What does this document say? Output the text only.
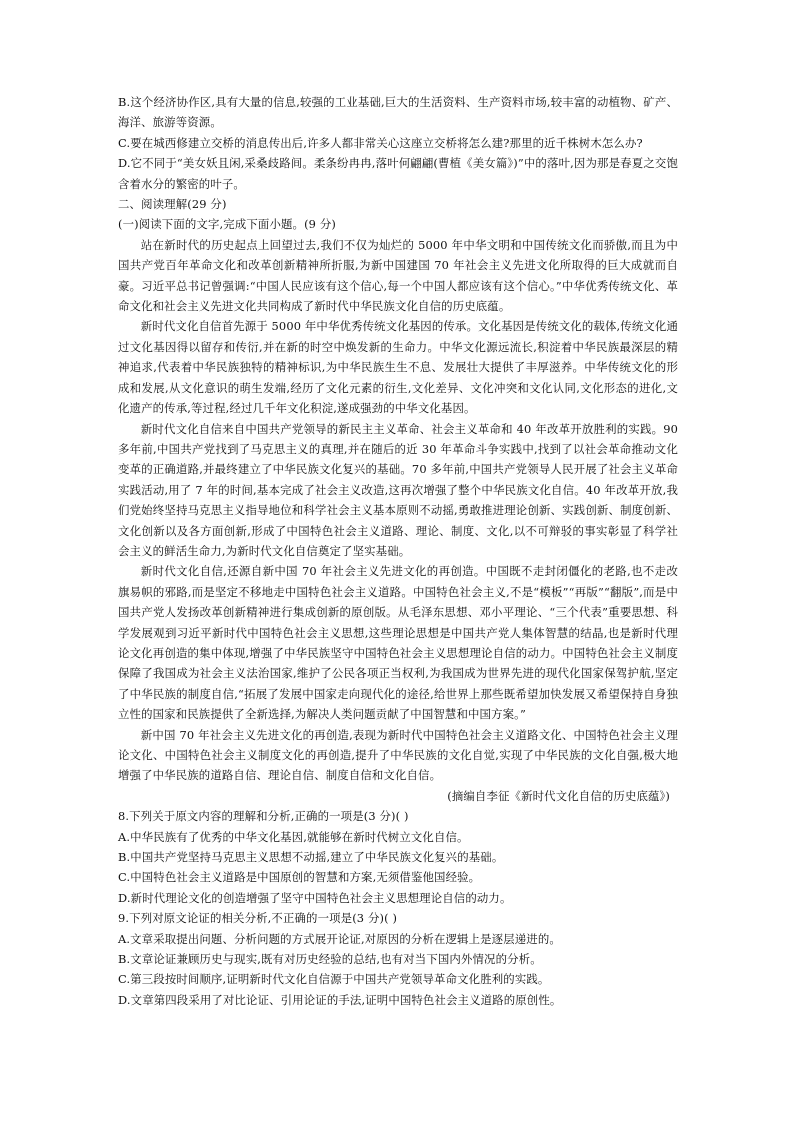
B.这个经济协作区,具有大量的信息,较强的工业基础,巨大的生活资料、生产资料市场,较丰富的动植物、矿产、海洋、旅游等资源。
C.要在城西修建立交桥的消息传出后,许多人都非常关心这座立交桥将怎么建?那里的近千株树木怎么办?
D.它不同于“美女妖且闲,采桑歧路间。柔条纷冉冉,落叶何翩翩(曹植《美女篇》)”中的落叶,因为那是春夏之交饱含着水分的繁密的叶子。
二、阅读理解(29 分)
(一)阅读下面的文字,完成下面小题。(9 分)
站在新时代的历史起点上回望过去,我们不仅为灿烂的 5000 年中华文明和中国传统文化而骄傲,而且为中国共产党百年革命文化和改革创新精神所折服,为新中国建国 70 年社会主义先进文化所取得的巨大成就而自豪。习近平总书记曾强调:“中国人民应该有这个信心,每一个中国人都应该有这个信心。”中华优秀传统文化、革命文化和社会主义先进文化共同构成了新时代中华民族文化自信的历史底蕴。
新时代文化自信首先源于 5000 年中华优秀传统文化基因的传承。文化基因是传统文化的载体,传统文化通过文化基因得以留存和传衍,并在新的时空中焕发新的生命力。中华文化源远流长,积淀着中华民族最深层的精神追求,代表着中华民族独特的精神标识,为中华民族生生不息、发展壮大提供了丰厚滋养。中华传统文化的形成和发展,从文化意识的萌生发端,经历了文化元素的衍生,文化差异、文化冲突和文化认同,文化形态的进化,文化遗产的传承,等过程,经过几千年文化积淀,遂成强劲的中华文化基因。
新时代文化自信来自中国共产党领导的新民主主义革命、社会主义革命和 40 年改革开放胜利的实践。90 多年前,中国共产党找到了马克思主义的真理,并在随后的近 30 年革命斗争实践中,找到了以社会革命推动文化变革的正确道路,并最终建立了中华民族文化复兴的基础。70 多年前,中国共产党领导人民开展了社会主义革命实践活动,用了 7 年的时间,基本完成了社会主义改造,这再次增强了整个中华民族文化自信。40 年改革开放,我们党始终坚持马克思主义指导地位和科学社会主义基本原则不动摇,勇敢推进理论创新、实践创新、制度创新、文化创新以及各方面创新,形成了中国特色社会主义道路、理论、制度、文化,以不可辩驳的事实彰显了科学社会主义的鲜活生命力,为新时代文化自信奠定了坚实基础。
新时代文化自信,还源自新中国 70 年社会主义先进文化的再创造。中国既不走封闭僵化的老路,也不走改旗易帜的邪路,而是坚定不移地走中国特色社会主义道路。中国特色社会主义,不是“模板”“再版”“翻版”,而是中国共产党人发扬改革创新精神进行集成创新的原创版。从毛泽东思想、邓小平理论、“三个代表”重要思想、科学发展观到习近平新时代中国特色社会主义思想,这些理论思想是中国共产党人集体智慧的结晶,也是新时代理论文化再创造的集中体现,增强了中华民族坚守中国特色社会主义思想理论自信的动力。中国特色社会主义制度保障了我国成为社会主义法治国家,维护了公民各项正当权利,为我国成为世界先进的现代化国家保驾护航,坚定了中华民族的制度自信,“拓展了发展中国家走向现代化的途径,给世界上那些既希望加快发展又希望保持自身独立性的国家和民族提供了全新选择,为解决人类问题贡献了中国智慧和中国方案。”
新中国 70 年社会主义先进文化的再创造,表现为新时代中国特色社会主义道路文化、中国特色社会主义理论文化、中国特色社会主义制度文化的再创造,提升了中华民族的文化自觉,实现了中华民族的文化自强,极大地增强了中华民族的道路自信、理论自信、制度自信和文化自信。
(摘编自李征《新时代文化自信的历史底蕴》)
8.下列关于原文内容的理解和分析,正确的一项是(3 分)( )
A.中华民族有了优秀的中华文化基因,就能够在新时代树立文化自信。
B.中国共产党坚持马克思主义思想不动摇,建立了中华民族文化复兴的基础。
C.中国特色社会主义道路是中国原创的智慧和方案,无须借鉴他国经验。
D.新时代理论文化的创造增强了坚守中国特色社会主义思想理论自信的动力。
9.下列对原文论证的相关分析,不正确的一项是(3 分)( )
A.文章采取提出问题、分析问题的方式展开论证,对原因的分析在逻辑上是逐层递进的。
B.文章论证兼顾历史与现实,既有对历史经验的总结,也有对当下国内外情况的分析。
C.第三段按时间顺序,证明新时代文化自信源于中国共产党领导革命文化胜利的实践。
D.文章第四段采用了对比论证、引用论证的手法,证明中国特色社会主义道路的原创性。
